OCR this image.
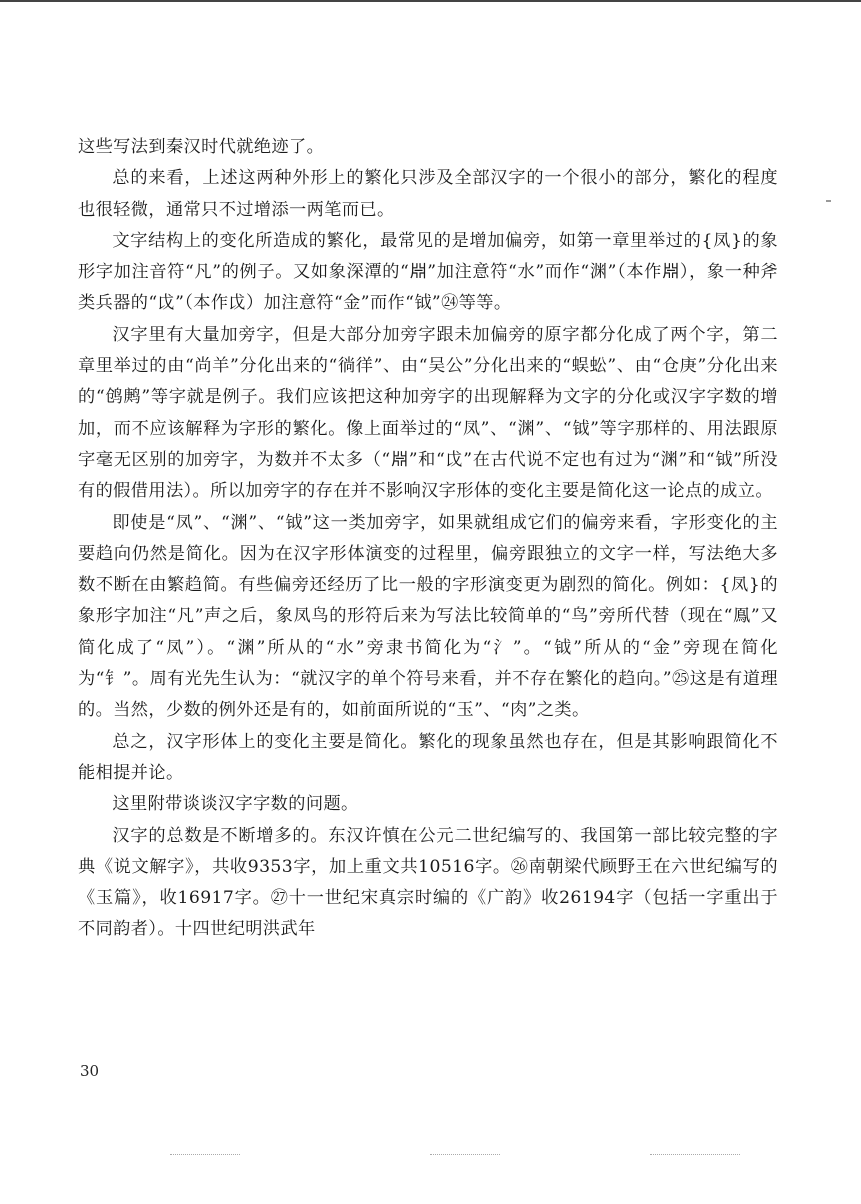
这些写法到秦汉时代就绝迹了。

总的来看，上述这两种外形上的繁化只涉及全部汉字的一个很小的部分，繁化的程度也很轻微，通常只不过增添一两笔而已。

文字结构上的变化所造成的繁化，最常见的是增加偏旁，如第一章里举过的{凤}的象形字加注音符“凡”的例子。又如象深潭的“𣶒”加注意符“水”而作“渊”（本作𣶒），象一种斧类兵器的“戉”（本作戉）加注意符“金”而作“钺”㉔等等。

汉字里有大量加旁字，但是大部分加旁字跟未加偏旁的原字都分化成了两个字，第二章里举过的由“尚羊”分化出来的“徜徉”、由“吴公”分化出来的“蜈蚣”、由“仓庚”分化出来的“鸧鹒”等字就是例子。我们应该把这种加旁字的出现解释为文字的分化或汉字字数的增加，而不应该解释为字形的繁化。像上面举过的“凤”、“渊”、“钺”等字那样的、用法跟原字毫无区别的加旁字，为数并不太多（“𣶒”和“戉”在古代说不定也有过为“渊”和“钺”所没有的假借用法）。所以加旁字的存在并不影响汉字形体的变化主要是简化这一论点的成立。

即使是“凤”、“渊”、“钺”这一类加旁字，如果就组成它们的偏旁来看，字形变化的主要趋向仍然是简化。因为在汉字形体演变的过程里，偏旁跟独立的文字一样，写法绝大多数不断在由繁趋简。有些偏旁还经历了比一般的字形演变更为剧烈的简化。例如：{凤}的象形字加注“凡”声之后，象凤鸟的形符后来为写法比较简单的“鸟”旁所代替（现在“鳯”又简化成了“凤”）。“渊”所从的“水”旁隶书简化为“氵”。“钺”所从的“金”旁现在简化为“钅”。周有光先生认为：“就汉字的单个符号来看，并不存在繁化的趋向。”㉕这是有道理的。当然，少数的例外还是有的，如前面所说的“玉”、“肉”之类。

总之，汉字形体上的变化主要是简化。繁化的现象虽然也存在，但是其影响跟简化不能相提并论。

这里附带谈谈汉字字数的问题。

汉字的总数是不断增多的。东汉许慎在公元二世纪编写的、我国第一部比较完整的字典《说文解字》，共收9353字，加上重文共10516字。㉖南朝梁代顾野王在六世纪编写的《玉篇》，收16917字。㉗十一世纪宋真宗时编的《广韵》收26194字（包括一字重出于不同韵者）。十四世纪明洪武年

30
